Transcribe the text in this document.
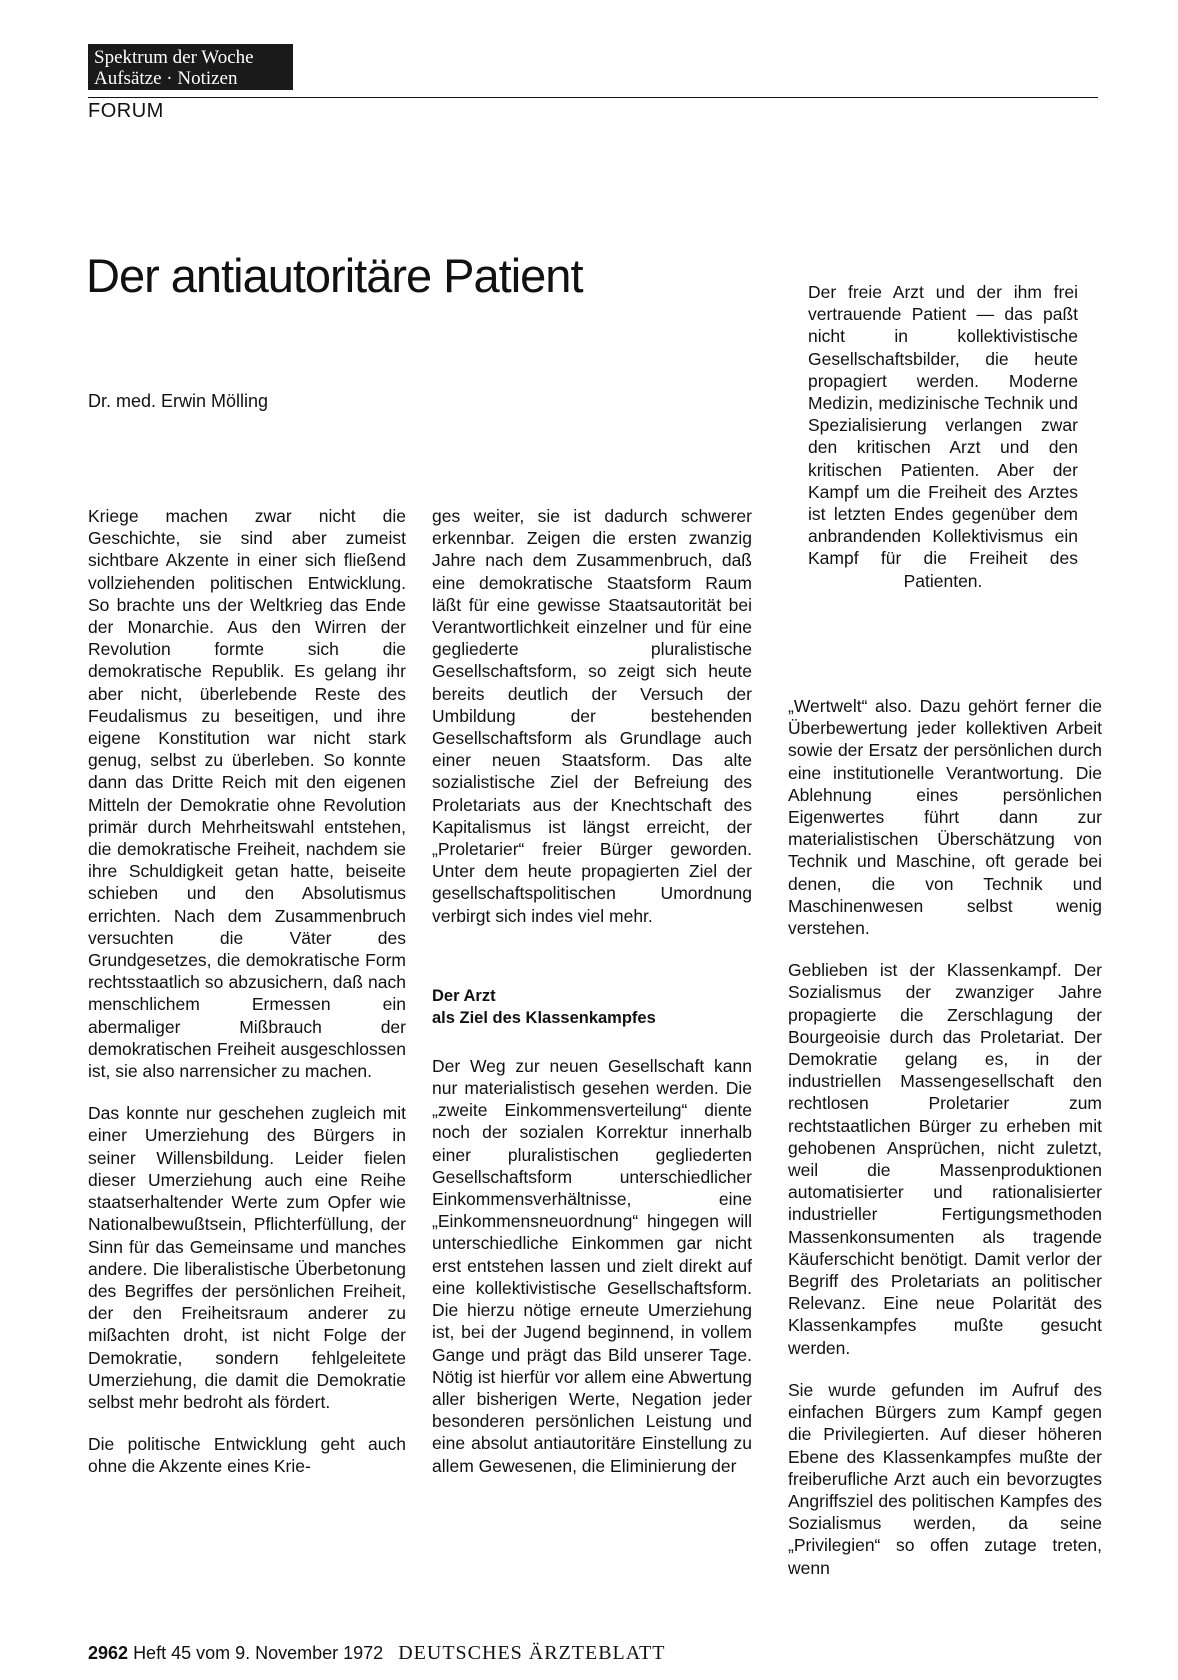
Spektrum der Woche
Aufsätze · Notizen
FORUM
Der antiautoritäre Patient
Dr. med. Erwin Mölling

Der freie Arzt und der ihm frei vertrauende Patient — das paßt nicht in kollektivistische Gesellschaftsbilder, die heute propagiert werden. Moderne Medizin, medizinische Technik und Spezialisierung verlangen zwar den kritischen Arzt und den kritischen Patienten. Aber der Kampf um die Freiheit des Arztes ist letzten Endes gegenüber dem anbrandenden Kollektivismus ein Kampf für die Freiheit des Patienten.

Kriege machen zwar nicht die Geschichte, sie sind aber zumeist sichtbare Akzente in einer sich fließend vollziehenden politischen Entwicklung. So brachte uns der Weltkrieg das Ende der Monarchie. Aus den Wirren der Revolution formte sich die demokratische Republik. Es gelang ihr aber nicht, überlebende Reste des Feudalismus zu beseitigen, und ihre eigene Konstitution war nicht stark genug, selbst zu überleben. So konnte dann das Dritte Reich mit den eigenen Mitteln der Demokratie ohne Revolution primär durch Mehrheitswahl entstehen, die demokratische Freiheit, nachdem sie ihre Schuldigkeit getan hatte, beiseite schieben und den Absolutismus errichten. Nach dem Zusammenbruch versuchten die Väter des Grundgesetzes, die demokratische Form rechtsstaatlich so abzusichern, daß nach menschlichem Ermessen ein abermaliger Mißbrauch der demokratischen Freiheit ausgeschlossen ist, sie also narrensicher zu machen.

Das konnte nur geschehen zugleich mit einer Umerziehung des Bürgers in seiner Willensbildung. Leider fielen dieser Umerziehung auch eine Reihe staatserhaltender Werte zum Opfer wie Nationalbewußtsein, Pflichterfüllung, der Sinn für das Gemeinsame und manches andere. Die liberalistische Überbetonung des Begriffes der persönlichen Freiheit, der den Freiheitsraum anderer zu mißachten droht, ist nicht Folge der Demokratie, sondern fehlgeleitete Umerziehung, die damit die Demokratie selbst mehr bedroht als fördert.

Die politische Entwicklung geht auch ohne die Akzente eines Krie-

ges weiter, sie ist dadurch schwerer erkennbar. Zeigen die ersten zwanzig Jahre nach dem Zusammenbruch, daß eine demokratische Staatsform Raum läßt für eine gewisse Staatsautorität bei Verantwortlichkeit einzelner und für eine gegliederte pluralistische Gesellschaftsform, so zeigt sich heute bereits deutlich der Versuch der Umbildung der bestehenden Gesellschaftsform als Grundlage auch einer neuen Staatsform. Das alte sozialistische Ziel der Befreiung des Proletariats aus der Knechtschaft des Kapitalismus ist längst erreicht, der „Proletarier“ freier Bürger geworden. Unter dem heute propagierten Ziel der gesellschaftspolitischen Umordnung verbirgt sich indes viel mehr.

Der Arzt
als Ziel des Klassenkampfes

Der Weg zur neuen Gesellschaft kann nur materialistisch gesehen werden. Die „zweite Einkommensverteilung“ diente noch der sozialen Korrektur innerhalb einer pluralistischen gegliederten Gesellschaftsform unterschiedlicher Einkommensverhältnisse, eine „Einkommensneuordnung“ hingegen will unterschiedliche Einkommen gar nicht erst entstehen lassen und zielt direkt auf eine kollektivistische Gesellschaftsform. Die hierzu nötige erneute Umerziehung ist, bei der Jugend beginnend, in vollem Gange und prägt das Bild unserer Tage. Nötig ist hierfür vor allem eine Abwertung aller bisherigen Werte, Negation jeder besonderen persönlichen Leistung und eine absolut antiautoritäre Einstellung zu allem Gewesenen, die Eliminierung der

„Wertwelt“ also. Dazu gehört ferner die Überbewertung jeder kollektiven Arbeit sowie der Ersatz der persönlichen durch eine institutionelle Verantwortung. Die Ablehnung eines persönlichen Eigenwertes führt dann zur materialistischen Überschätzung von Technik und Maschine, oft gerade bei denen, die von Technik und Maschinenwesen selbst wenig verstehen.

Geblieben ist der Klassenkampf. Der Sozialismus der zwanziger Jahre propagierte die Zerschlagung der Bourgeoisie durch das Proletariat. Der Demokratie gelang es, in der industriellen Massengesellschaft den rechtlosen Proletarier zum rechtstaatlichen Bürger zu erheben mit gehobenen Ansprüchen, nicht zuletzt, weil die Massenproduktionen automatisierter und rationalisierter industrieller Fertigungsmethoden Massenkonsumenten als tragende Käuferschicht benötigt. Damit verlor der Begriff des Proletariats an politischer Relevanz. Eine neue Polarität des Klassenkampfes mußte gesucht werden.

Sie wurde gefunden im Aufruf des einfachen Bürgers zum Kampf gegen die Privilegierten. Auf dieser höheren Ebene des Klassenkampfes mußte der freiberufliche Arzt auch ein bevorzugtes Angriffsziel des politischen Kampfes des Sozialismus werden, da seine „Privilegien“ so offen zutage treten, wenn

2962 Heft 45 vom 9. November 1972 DEUTSCHES ÄRZTEBLATT
